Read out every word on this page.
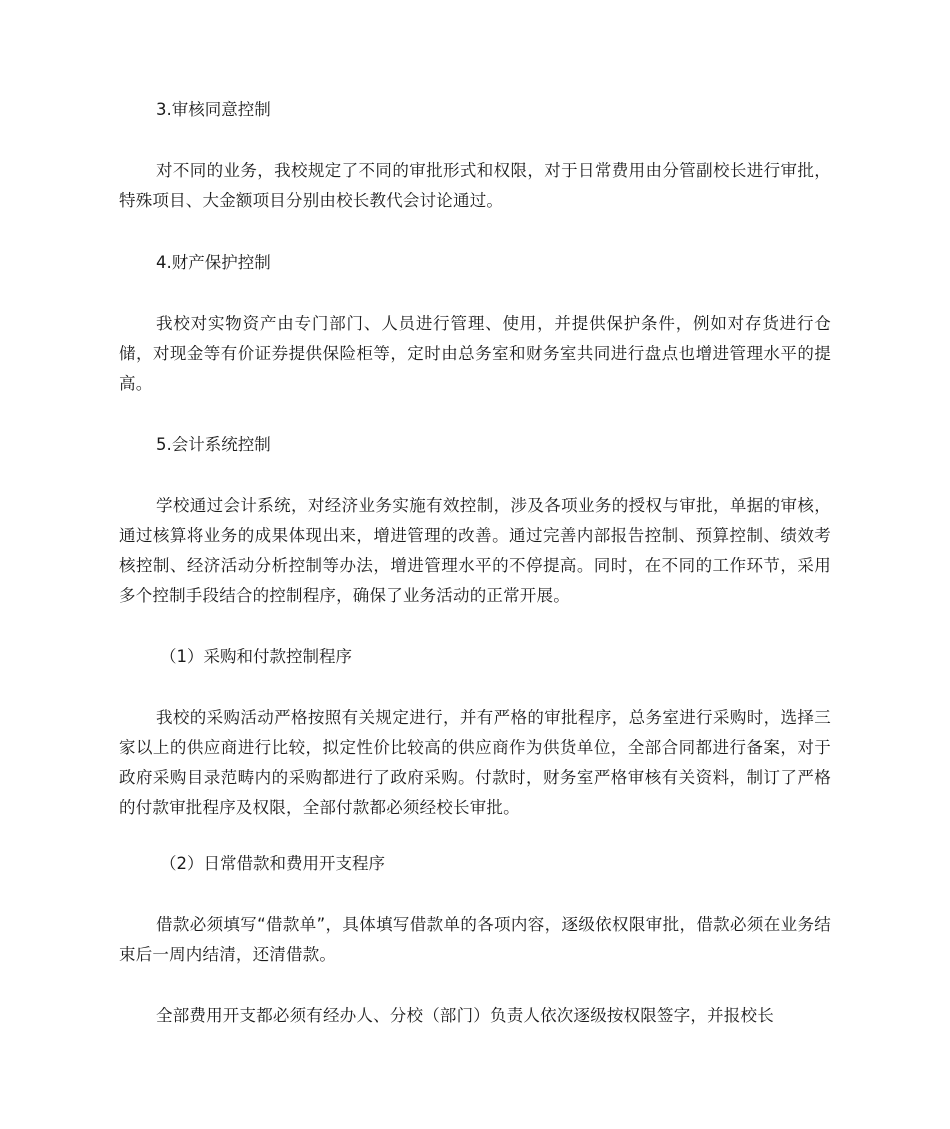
3.审核同意控制

对不同的业务，我校规定了不同的审批形式和权限，对于日常费用由分管副校长进行审批，特殊项目、大金额项目分别由校长教代会讨论通过。

4.财产保护控制

我校对实物资产由专门部门、人员进行管理、使用，并提供保护条件，例如对存货进行仓储，对现金等有价证券提供保险柜等，定时由总务室和财务室共同进行盘点也增进管理水平的提高。

5.会计系统控制

学校通过会计系统，对经济业务实施有效控制，涉及各项业务的授权与审批，单据的审核，通过核算将业务的成果体现出来，增进管理的改善。通过完善内部报告控制、预算控制、绩效考核控制、经济活动分析控制等办法，增进管理水平的不停提高。同时，在不同的工作环节，采用多个控制手段结合的控制程序，确保了业务活动的正常开展。

（1）采购和付款控制程序

我校的采购活动严格按照有关规定进行，并有严格的审批程序，总务室进行采购时，选择三家以上的供应商进行比较，拟定性价比较高的供应商作为供货单位，全部合同都进行备案，对于政府采购目录范畴内的采购都进行了政府采购。付款时，财务室严格审核有关资料，制订了严格的付款审批程序及权限，全部付款都必须经校长审批。

（2）日常借款和费用开支程序

借款必须填写“借款单”，具体填写借款单的各项内容，逐级依权限审批，借款必须在业务结束后一周内结清，还清借款。

全部费用开支都必须有经办人、分校（部门）负责人依次逐级按权限签字，并报校长
